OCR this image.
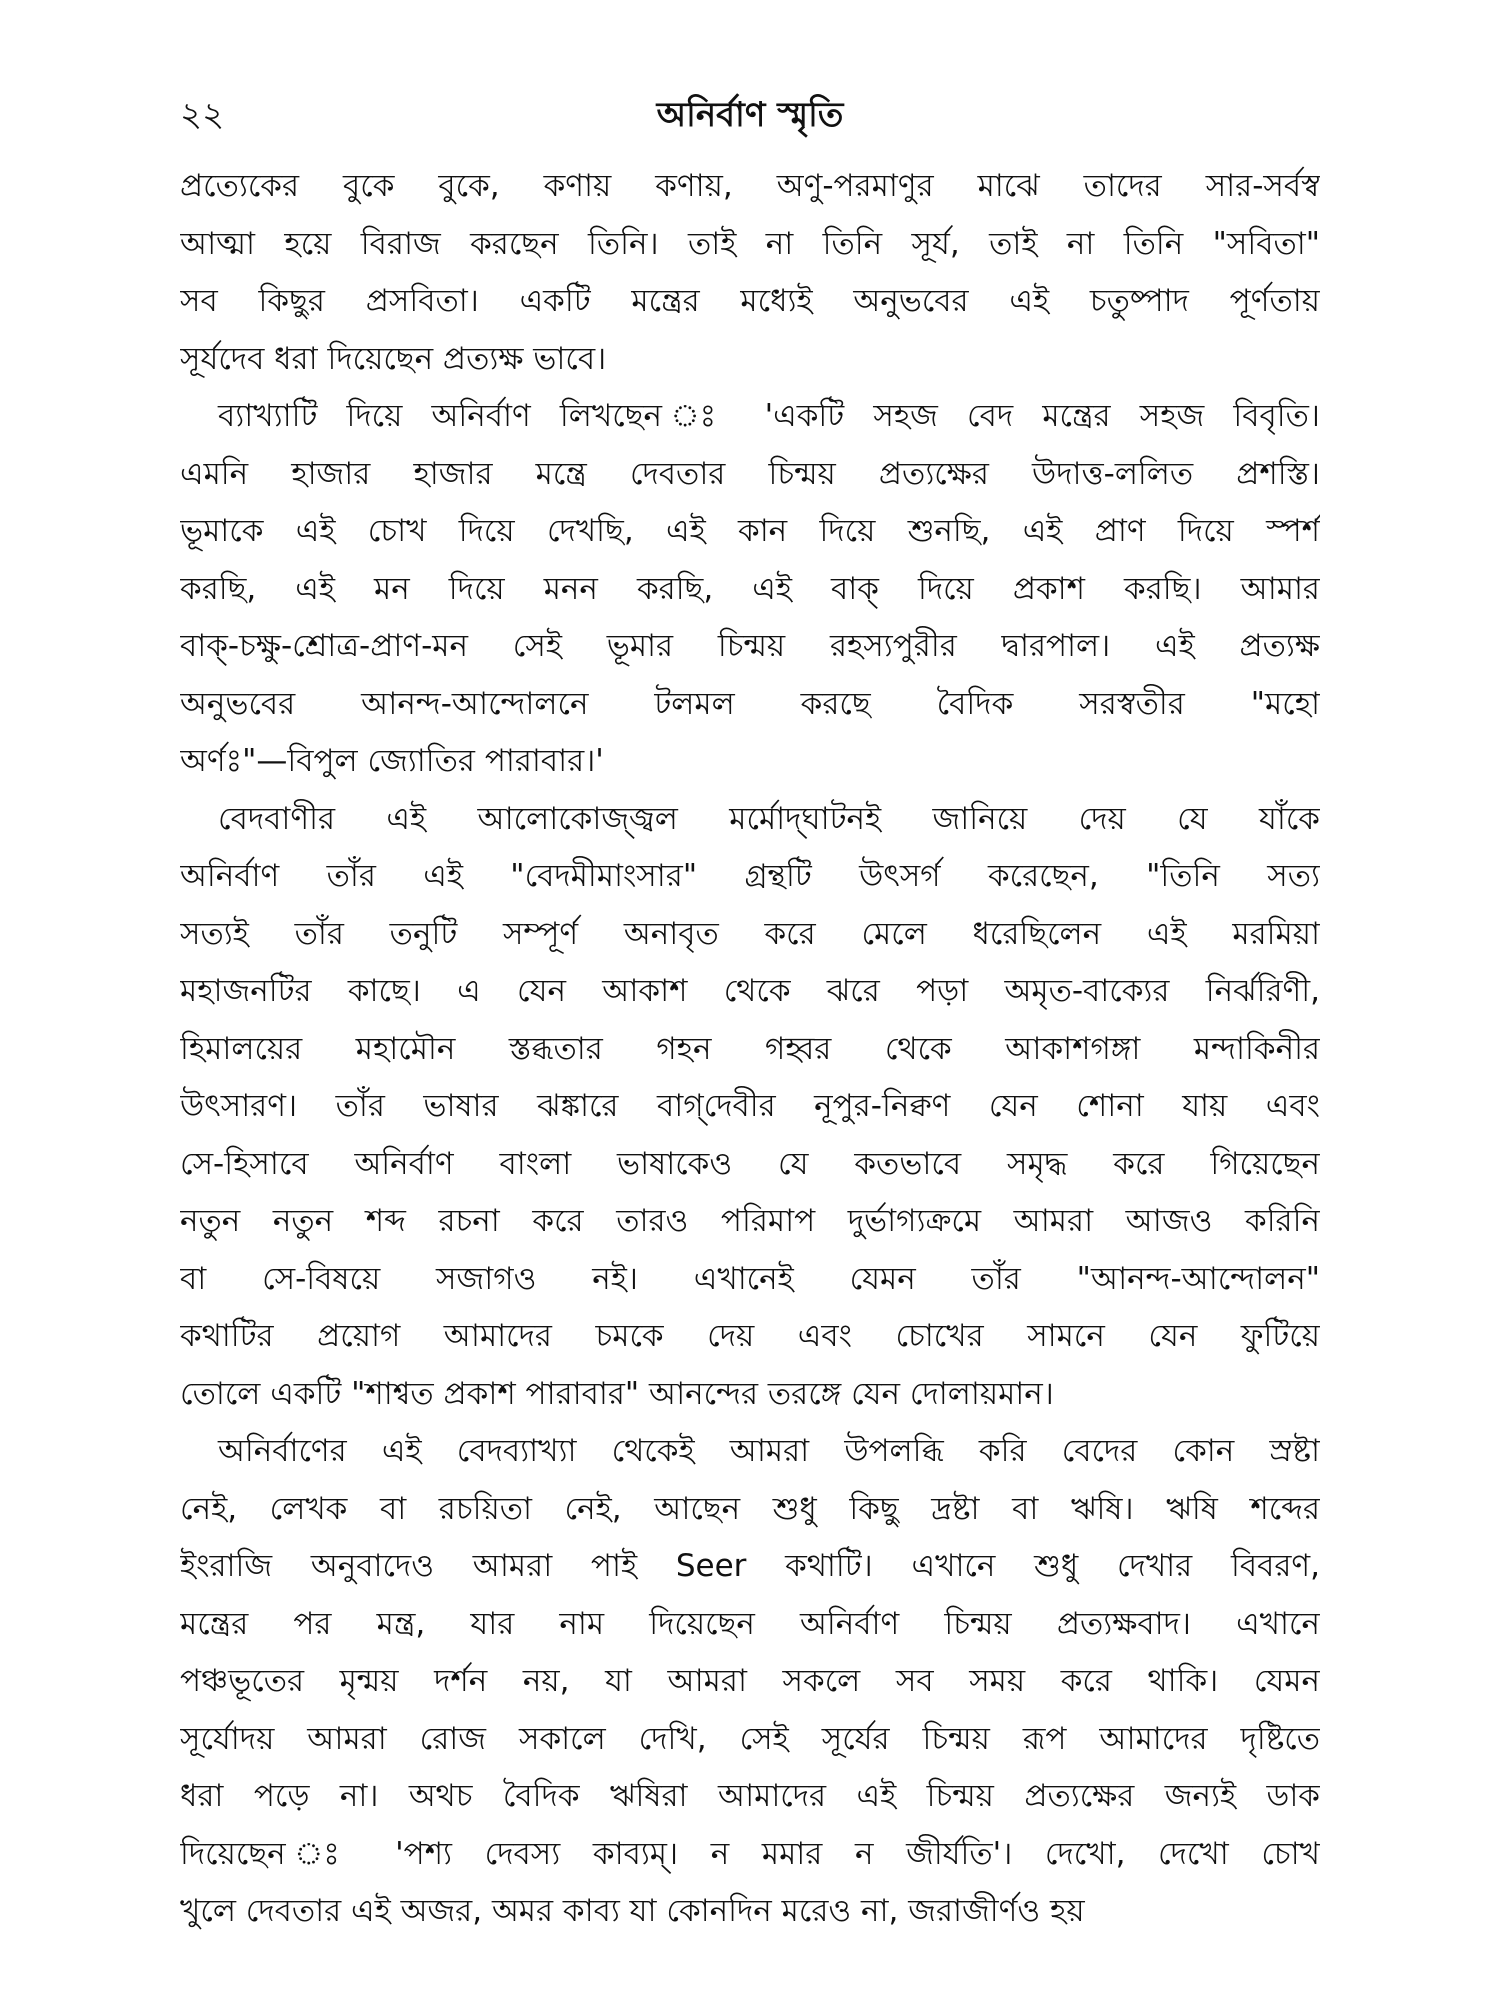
২২	অনির্বাণ স্মৃতি
প্রত্যেকের বুকে বুকে, কণায় কণায়, অণু-পরমাণুর মাঝে তাদের সার-সর্বস্ব
আত্মা হয়ে বিরাজ করছেন তিনি। তাই না তিনি সূর্য, তাই না তিনি "সবিতা"
সব কিছুর প্রসবিতা। একটি মন্ত্রের মধ্যেই অনুভবের এই চতুষ্পাদ পূর্ণতায়
সূর্যদেব ধরা দিয়েছেন প্রত্যক্ষ ভাবে।
ব্যাখ্যাটি দিয়ে অনির্বাণ লিখছেন ঃ 'একটি সহজ বেদ মন্ত্রের সহজ বিবৃতি।
এমনি হাজার হাজার মন্ত্রে দেবতার চিন্ময় প্রত্যক্ষের উদাত্ত-ললিত প্রশস্তি।
ভূমাকে এই চোখ দিয়ে দেখছি, এই কান দিয়ে শুনছি, এই প্রাণ দিয়ে স্পর্শ
করছি, এই মন দিয়ে মনন করছি, এই বাক্‌ দিয়ে প্রকাশ করছি। আমার
বাক্‌-চক্ষু-শ্রোত্র-প্রাণ-মন সেই ভূমার চিন্ময় রহস্যপুরীর দ্বারপাল। এই প্রত্যক্ষ
অনুভবের আনন্দ-আন্দোলনে টলমল করছে বৈদিক সরস্বতীর "মহো
অর্ণঃ"—বিপুল জ্যোতির পারাবার।'
বেদবাণীর এই আলোকোজ্জ্বল মর্মোদ্‌ঘাটনই জানিয়ে দেয় যে যাঁকে
অনির্বাণ তাঁর এই "বেদমীমাংসার" গ্রন্থটি উৎসর্গ করেছেন, "তিনি সত্য
সত্যই তাঁর তনুটি সম্পূর্ণ অনাবৃত করে মেলে ধরেছিলেন এই মরমিয়া
মহাজনটির কাছে। এ যেন আকাশ থেকে ঝরে পড়া অমৃত-বাক্যের নির্ঝরিণী,
হিমালয়ের মহামৌন স্তব্ধতার গহন গহ্বর থেকে আকাশগঙ্গা মন্দাকিনীর
উৎসারণ। তাঁর ভাষার ঝঙ্কারে বাগ্‌দেবীর নূপুর-নিক্বণ যেন শোনা যায় এবং
সে-হিসাবে অনির্বাণ বাংলা ভাষাকেও যে কতভাবে সমৃদ্ধ করে গিয়েছেন
নতুন নতুন শব্দ রচনা করে তারও পরিমাপ দুর্ভাগ্যক্রমে আমরা আজও করিনি
বা সে-বিষয়ে সজাগও নই। এখানেই যেমন তাঁর "আনন্দ-আন্দোলন"
কথাটির প্রয়োগ আমাদের চমকে দেয় এবং চোখের সামনে যেন ফুটিয়ে
তোলে একটি "শাশ্বত প্রকাশ পারাবার" আনন্দের তরঙ্গে যেন দোলায়মান।
অনির্বাণের এই বেদব্যাখ্যা থেকেই আমরা উপলব্ধি করি বেদের কোন স্রষ্টা
নেই, লেখক বা রচয়িতা নেই, আছেন শুধু কিছু দ্রষ্টা বা ঋষি। ঋষি শব্দের
ইংরাজি অনুবাদেও আমরা পাই Seer কথাটি। এখানে শুধু দেখার বিবরণ,
মন্ত্রের পর মন্ত্র, যার নাম দিয়েছেন অনির্বাণ চিন্ময় প্রত্যক্ষবাদ। এখানে
পঞ্চভূতের মৃন্ময় দর্শন নয়, যা আমরা সকলে সব সময় করে থাকি। যেমন
সূর্যোদয় আমরা রোজ সকালে দেখি, সেই সূর্যের চিন্ময় রূপ আমাদের দৃষ্টিতে
ধরা পড়ে না। অথচ বৈদিক ঋষিরা আমাদের এই চিন্ময় প্রত্যক্ষের জন্যই ডাক
দিয়েছেন ঃ 'পশ্য দেবস্য কাব্যম্‌। ন মমার ন জীর্যতি'। দেখো, দেখো চোখ
খুলে দেবতার এই অজর, অমর কাব্য যা কোনদিন মরেও না, জরাজীর্ণও হয়
